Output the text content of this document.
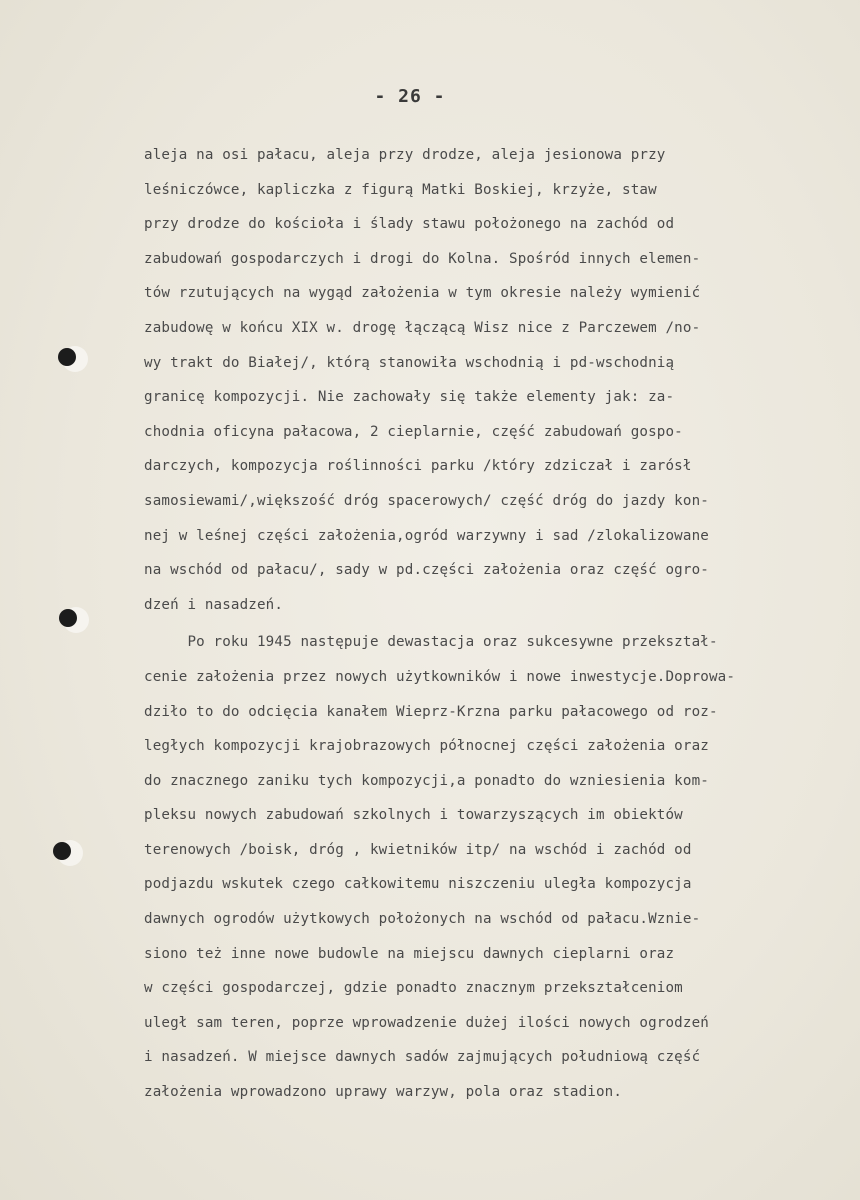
- 26 -
aleja na osi pałacu, aleja przy drodze, aleja jesionowa przy
leśniczówce, kapliczka z figurą Matki Boskiej, krzyże, staw
przy drodze do kościoła i ślady stawu położonego na zachód od
zabudowań gospodarczych i drogi do Kolna. Spośród innych elemen-
tów rzutujących na wygąd założenia w tym okresie należy wymienić
zabudowę w końcu XIX w. drogę łączącą Wisz nice z Parczewem /no-
wy trakt do Białej/, którą stanowiła wschodnią i pd-wschodnią
granicę kompozycji. Nie zachowały się także elementy jak: za-
chodnia oficyna pałacowa, 2 cieplarnie, część zabudowań gospo-
darczych, kompozycja roślinności parku /który zdziczał i zarósł
samosiewami/,większość dróg spacerowych/ część dróg do jazdy kon-
nej w leśnej części założenia,ogród warzywny i sad /zlokalizowane
na wschód od pałacu/, sady w pd.części założenia oraz część ogro-
dzeń i nasadzeń.
Po roku 1945 następuje dewastacja oraz sukcesywne przekształ-
cenie założenia przez nowych użytkowników i nowe inwestycje.Doprowa-
dziło to do odcięcia kanałem Wieprz-Krzna parku pałacowego od roz-
ległych kompozycji krajobrazowych północnej części założenia oraz
do znacznego zaniku tych kompozycji,a ponadto do wzniesienia kom-
pleksu nowych zabudowań szkolnych i towarzyszących im obiektów
terenowych /boisk, dróg , kwietników itp/ na wschód i zachód od
podjazdu wskutek czego całkowitemu niszczeniu uległa kompozycja
dawnych ogrodów użytkowych położonych na wschód od pałacu.Wznie-
siono też inne nowe budowle na miejscu dawnych cieplarni oraz
w części gospodarczej, gdzie ponadto znacznym przekształceniom
uległ sam teren, poprze wprowadzenie dużej ilości nowych ogrodzeń
i nasadzeń. W miejsce dawnych sadów zajmujących południową część
założenia wprowadzono uprawy warzyw, pola oraz stadion.
